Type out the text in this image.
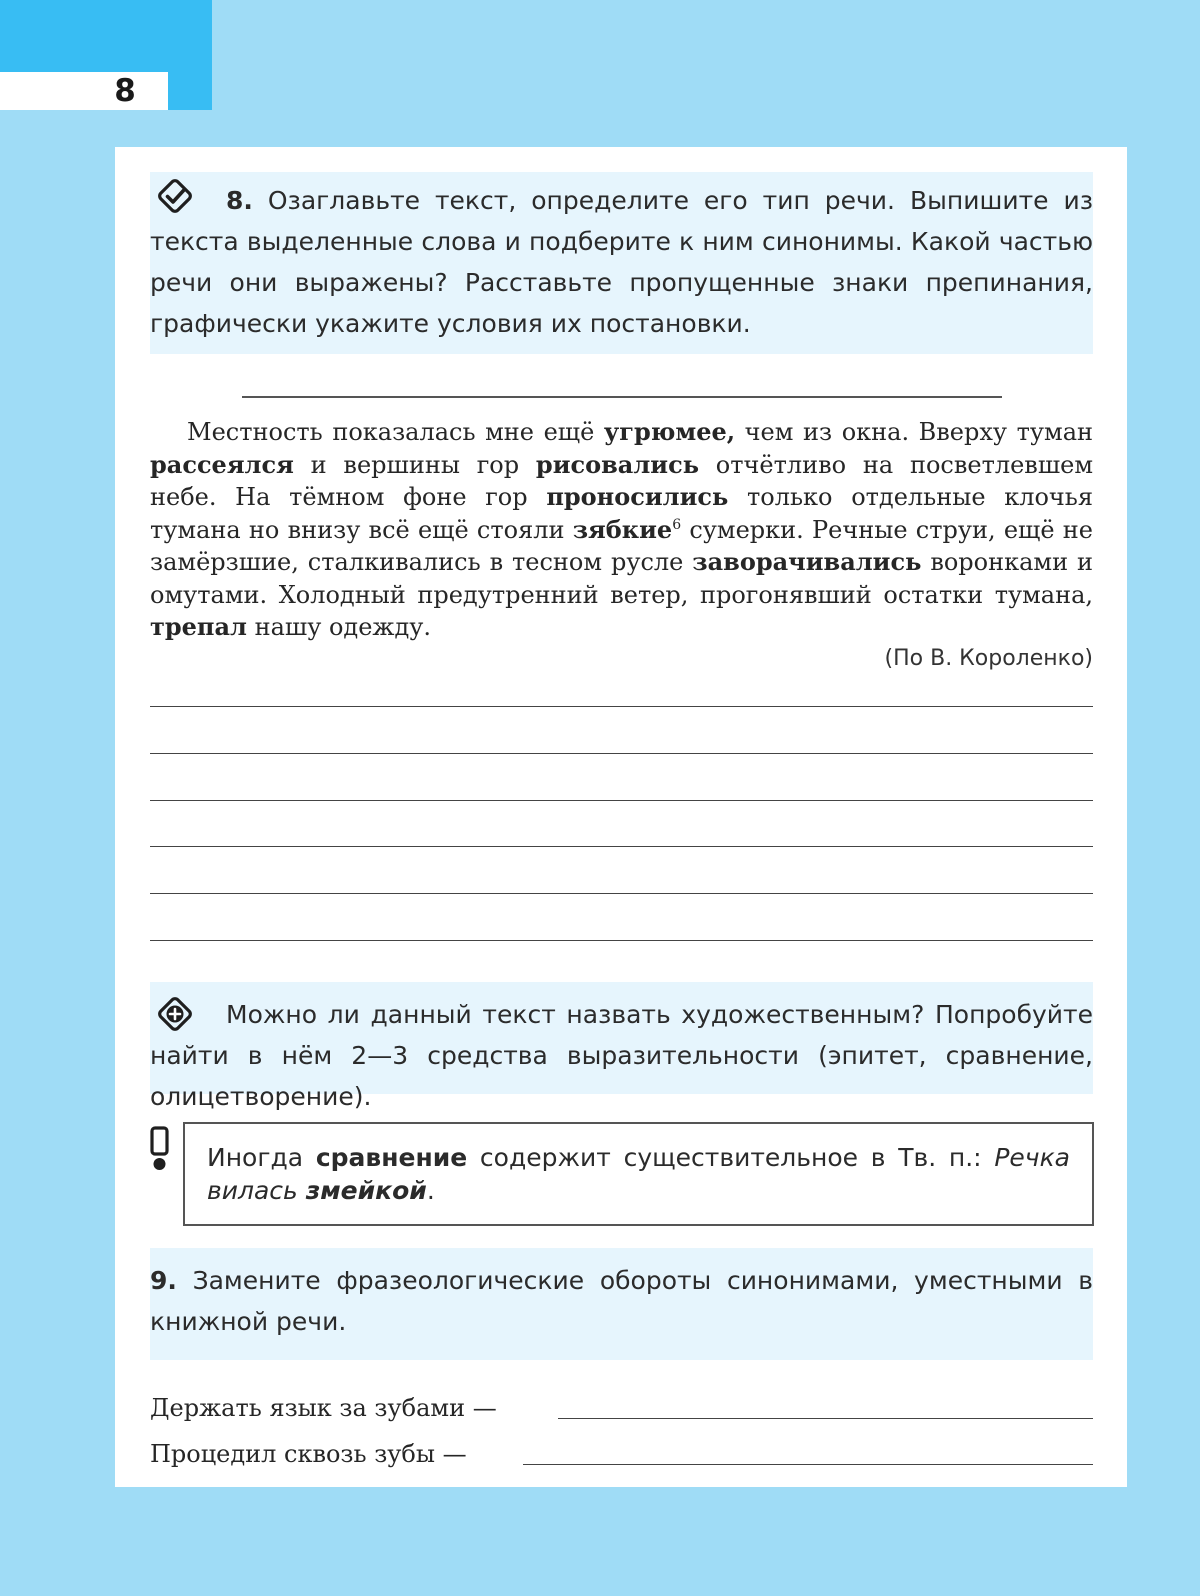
8

8. Озаглавьте текст, определите его тип речи. Выпишите из текста выделенные слова и подберите к ним синонимы. Какой частью речи они выражены? Расставьте пропущенные знаки препинания, графически укажите условия их постановки.

Местность показалась мне ещё угрюмее, чем из окна. Вверху туман рассеялся и вершины гор рисовались отчётливо на посветлевшем небе. На тёмном фоне гор проносились только отдельные клочья тумана но внизу всё ещё стояли зябкие$^6$ сумерки. Речные струи, ещё не замёрзшие, сталкивались в тесном русле заворачивались воронками и омутами. Холодный предутренний ветер, прогонявший остатки тумана, трепал нашу одежду.

(По В. Короленко)

Можно ли данный текст назвать художественным? Попробуйте найти в нём 2—3 средства выразительности (эпитет, сравнение, олицетворение).

Иногда сравнение содержит существительное в Тв. п.: Речка вилась змейкой.

9. Замените фразеологические обороты синонимами, уместными в книжной речи.

Держать язык за зубами —
Процедил сквозь зубы —
